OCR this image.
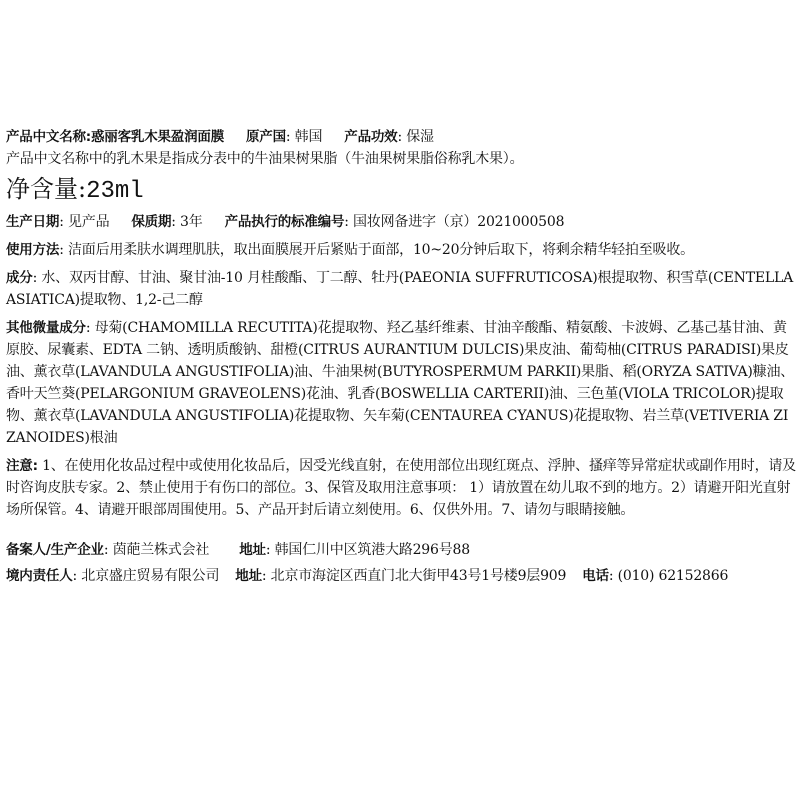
产品中文名称:惑丽客乳木果盈润面膜 原产国: 韩国 产品功效: 保湿
产品中文名称中的乳木果是指成分表中的牛油果树果脂（牛油果树果脂俗称乳木果）。
净含量:23ml
生产日期: 见产品 保质期: 3年 产品执行的标准编号: 国妆网备进字（京）2021000508
使用方法: 洁面后用柔肤水调理肌肤，取出面膜展开后紧贴于面部，10~20分钟后取下，将剩余精华轻拍至吸收。
成分: 水、双丙甘醇、甘油、聚甘油-10 月桂酸酯、丁二醇、牡丹(PAEONIA SUFFRUTICOSA)根提取物、积雪草(CENTELLA ASIATICA)提取物、1,2-己二醇
其他微量成分: 母菊(CHAMOMILLA RECUTITA)花提取物、羟乙基纤维素、甘油辛酸酯、精氨酸、卡波姆、乙基己基甘油、黄原胶、尿囊素、EDTA 二钠、透明质酸钠、甜橙(CITRUS AURANTIUM DULCIS)果皮油、葡萄柚(CITRUS PARADISI)果皮油、薰衣草(LAVANDULA ANGUSTIFOLIA)油、牛油果树(BUTYROSPERMUM PARKII)果脂、稻(ORYZA SATIVA)糠油、香叶天竺葵(PELARGONIUM GRAVEOLENS)花油、乳香(BOSWELLIA CARTERII)油、三色堇(VIOLA TRICOLOR)提取物、薰衣草(LAVANDULA ANGUSTIFOLIA)花提取物、矢车菊(CENTAUREA CYANUS)花提取物、岩兰草(VETIVERIA ZIZANOIDES)根油
注意: 1、在使用化妆品过程中或使用化妆品后，因受光线直射，在使用部位出现红斑点、浮肿、搔痒等异常症状或副作用时，请及时咨询皮肤专家。2、禁止使用于有伤口的部位。3、保管及取用注意事项： 1）请放置在幼儿取不到的地方。2）请避开阳光直射场所保管。4、请避开眼部周围使用。5、产品开封后请立刻使用。6、仅供外用。7、请勿与眼睛接触。
备案人/生产企业: 茵葩兰株式会社 地址: 韩国仁川中区筑港大路296号88
境内责任人: 北京盛庄贸易有限公司 地址: 北京市海淀区西直门北大街甲43号1号楼9层909 电话: (010) 62152866
